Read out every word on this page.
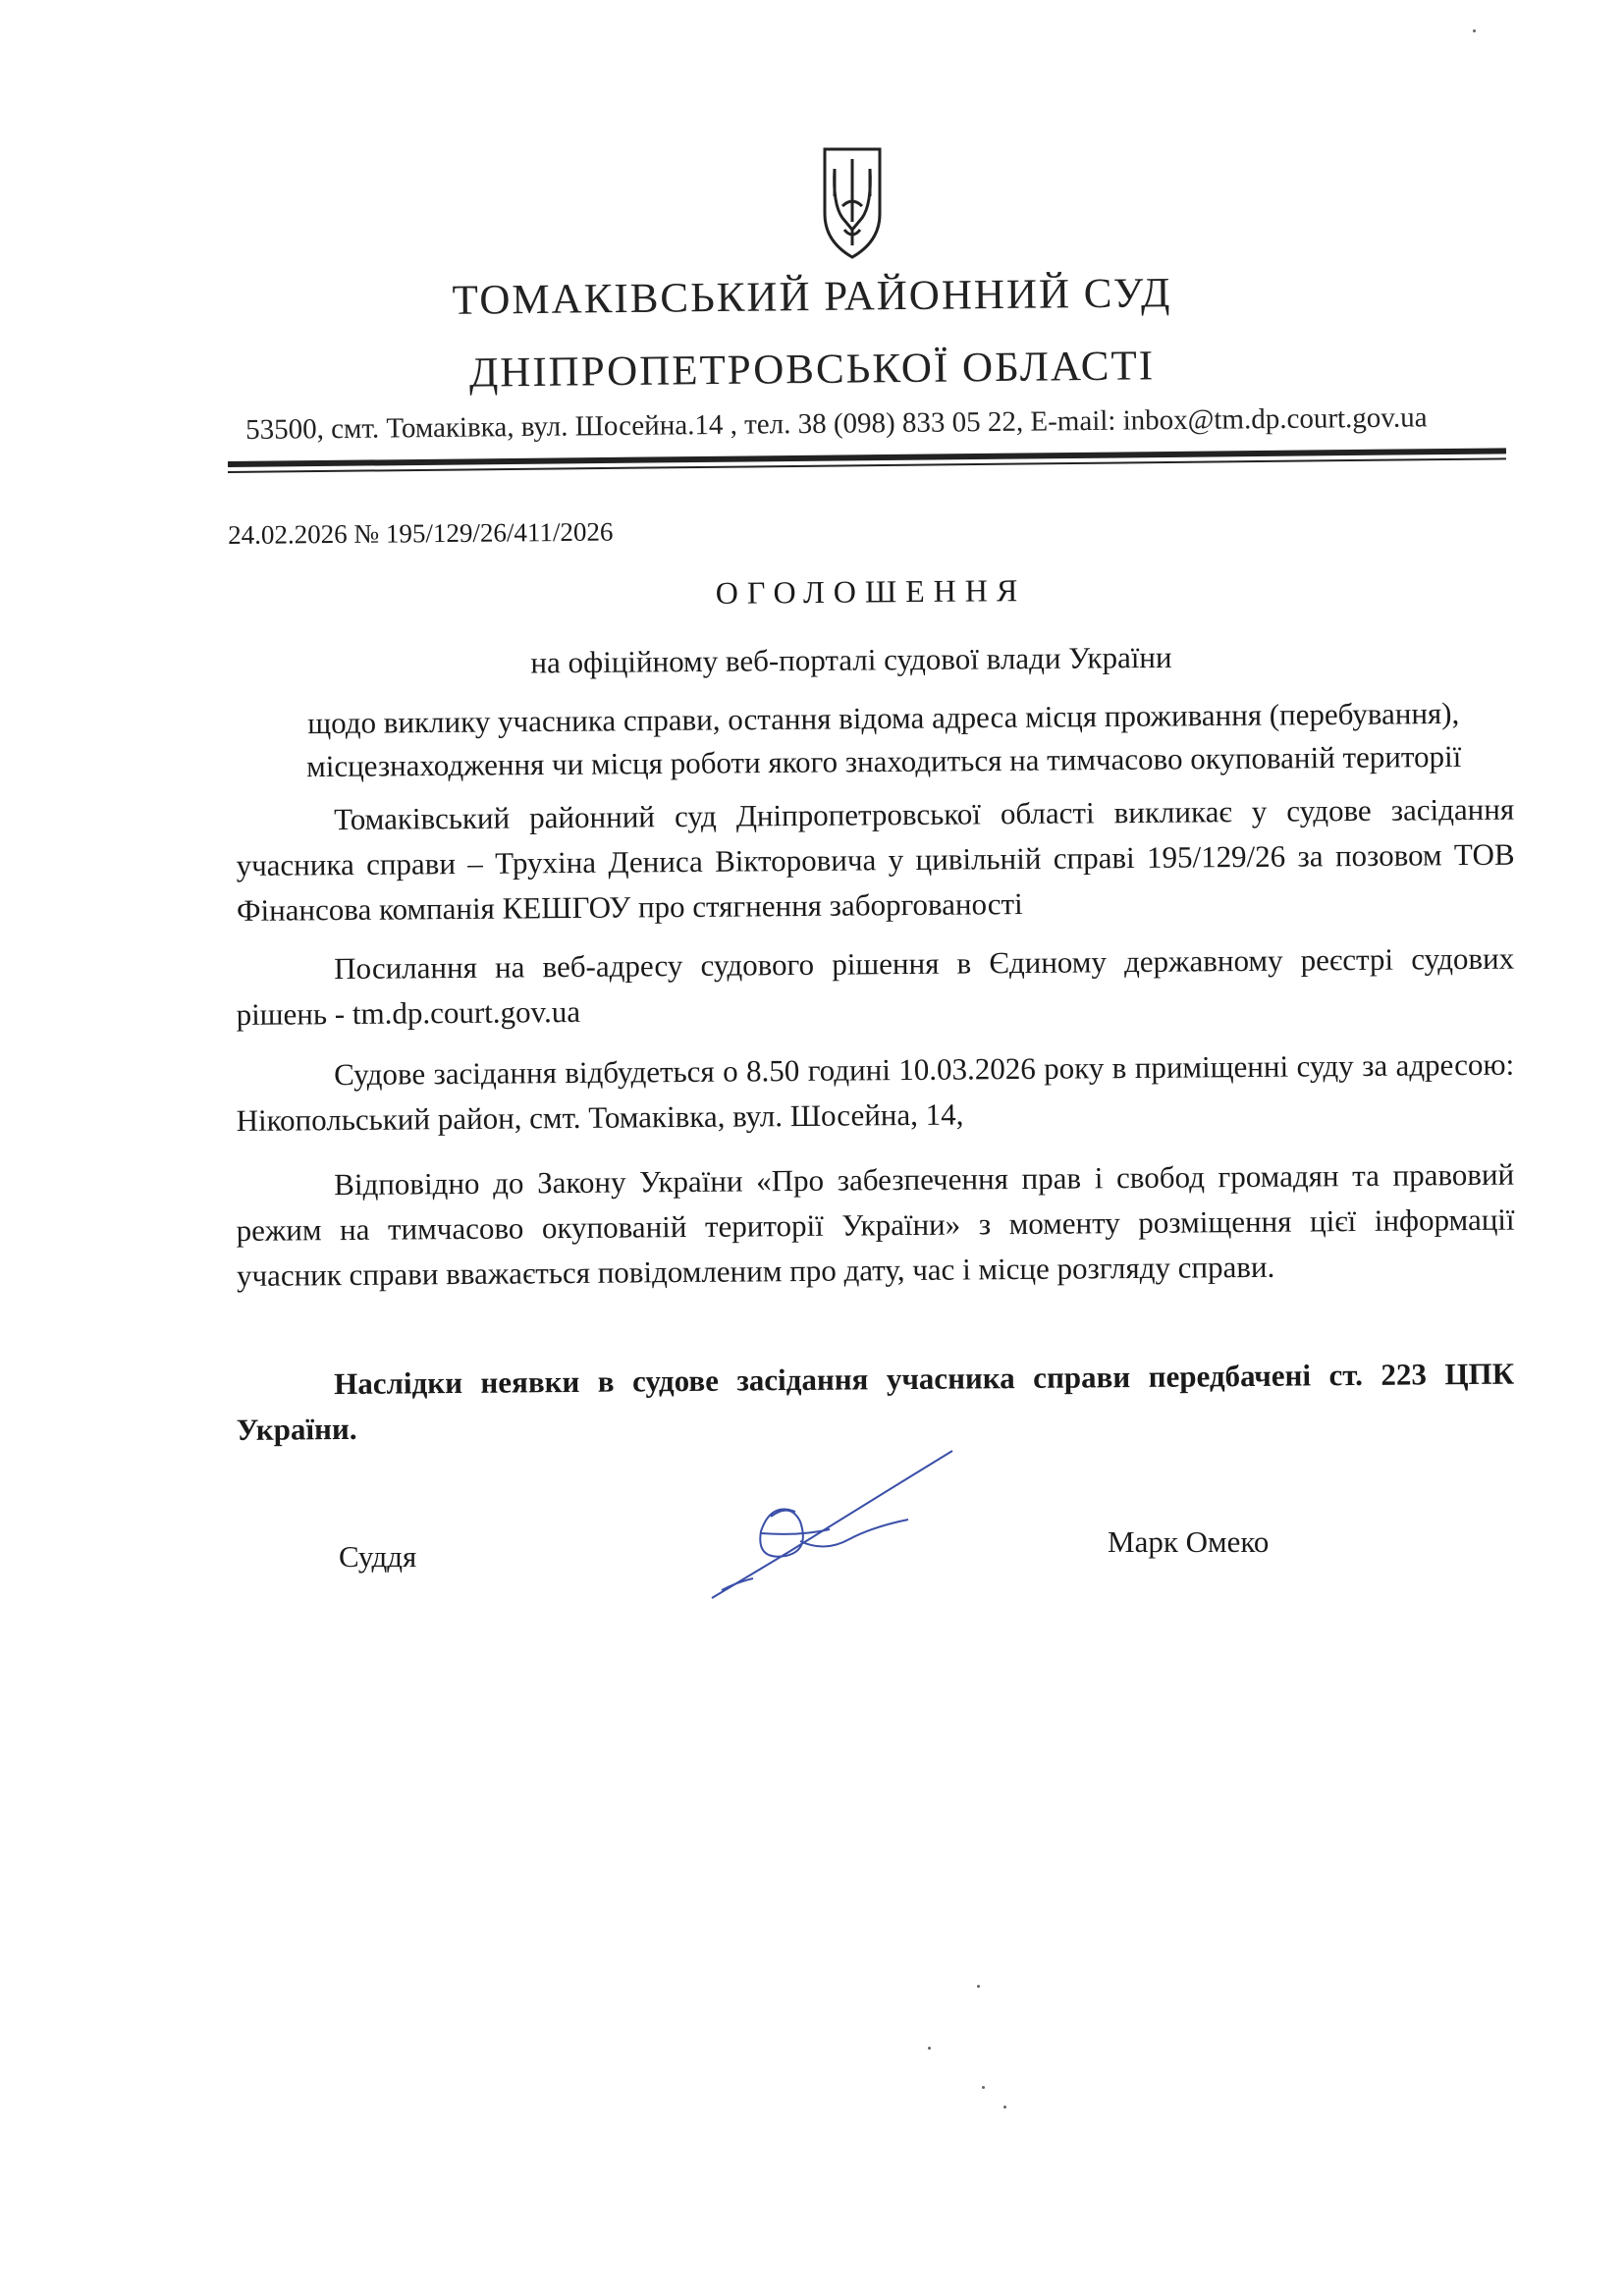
ТОМАКІВСЬКИЙ РАЙОННИЙ СУД
ДНІПРОПЕТРОВСЬКОЇ ОБЛАСТІ
53500, смт. Томаківка, вул. Шосейна.14 , тел. 38 (098) 833 05 22, E-mail: inbox@tm.dp.court.gov.ua
24.02.2026 № 195/129/26/411/2026
ОГОЛОШЕННЯ
на офіційному веб-порталі судової влади України
щодо виклику учасника справи, остання відома адреса місця проживання (перебування), місцезнаходження чи місця роботи якого знаходиться на тимчасово окупованій території
Томаківський районний суд Дніпропетровської області викликає у судове засідання учасника справи – Трухіна Дениса Вікторовича у цивільній справі 195/129/26 за позовом ТОВ Фінансова компанія КЕШГОУ про стягнення заборгованості
Посилання на веб-адресу судового рішення в Єдиному державному реєстрі судових рішень - tm.dp.court.gov.ua
Судове засідання відбудеться о 8.50 годині 10.03.2026 року в приміщенні суду за адресою: Нікопольський район, смт. Томаківка, вул. Шосейна, 14,
Відповідно до Закону України «Про забезпечення прав і свобод громадян та правовий режим на тимчасово окупованій території України» з моменту розміщення цієї інформації учасник справи вважається повідомленим про дату, час і місце розгляду справи.
Наслідки неявки в судове засідання учасника справи передбачені ст. 223 ЦПК України.
Суддя	Марк Омеко
